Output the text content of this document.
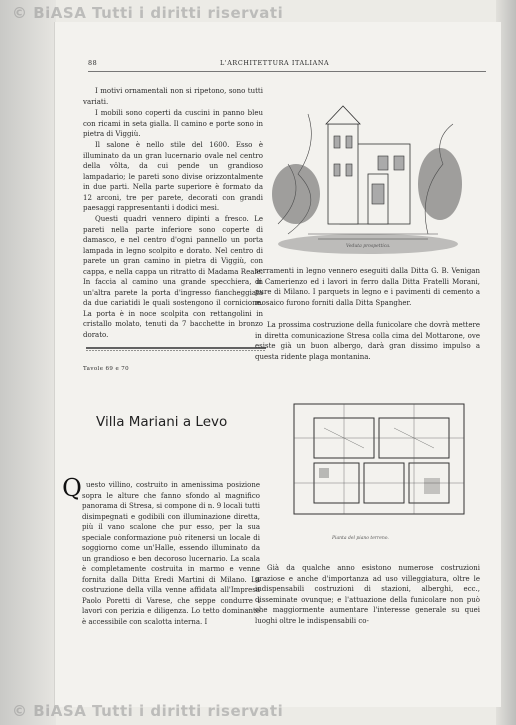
© BiASA Tutti i diritti riservati
© BiASA Tutti i diritti riservati
88	L'ARCHITETTURA ITALIANA

I motivi ornamentali non si ripetono, sono tutti variati.

I mobili sono coperti da cuscini in panno bleu con ricami in seta gialla. Il camino e porte sono in pietra di Viggiù.

Il salone è nello stile del 1600. Esso è illuminato da un gran lucernario ovale nel centro della vôlta, da cui pende un grandioso lampadario; le pareti sono divise orizzontalmente in due parti. Nella parte superiore è formato da 12 arconi, tre per parete, decorati con grandi paesaggi rappresentanti i dodici mesi.

Questi quadri vennero dipinti a fresco. Le pareti nella parte inferiore sono coperte di damasco, e nel centro d'ogni pannello un porta lampada in legno scolpito e dorato. Nel centro di parete un gran camino in pietra di Viggiù, con cappa, e nella cappa un ritratto di Madama Reale. In faccia al camino una grande specchiera, in un'altra parete la porta d'ingresso fiancheggiata da due cariatidi le quali sostengono il cornicione. La porta è in noce scolpita con rettangolini in cristallo molato, tenuti da 7 bacchette in bronzo dorato.

Tavole 69 e 70
Veduta prospettica.

serramenti in legno vennero eseguiti dalla Ditta G. B. Venigan di Camerienzo ed i lavori in ferro dalla Ditta Fratelli Morani, pure di Milano. I parquets in legno e i pavimenti di cemento a mosaico furono forniti dalla Ditta Spangher.

La prossima costruzione della funicolare che dovrà mettere in diretta comunicazione Stresa colla cima del Mottarone, ove esiste già un buon albergo, darà gran dissimo impulso a questa ridente plaga montanina.

Pianta del piano terreno.
Villa Mariani a Levo
Q uesto villino, costruito in amenissima posizione sopra le alture che fanno sfondo al magnifico panorama di Stresa, si compone di n. 9 locali tutti disimpegnati e godibili con illuminazione diretta, più il vano scalone che pur esso, per la sua speciale conformazione può ritenersi un locale di soggiorno come un'Halle, essendo illuminato da un grandioso e ben decoroso lucernario. La scala è completamente costruita in marmo e venne fornita dalla Ditta Eredi Martini di Milano. La costruzione della villa venne affidata all'Impresa Paolo Poretti di Varese, che seppe condurre i lavori con perizia e diligenza. Lo tetto dominante è accessibile con scalotta interna. I

Già da qualche anno esistono numerose costruzioni graziose e anche d'importanza ad uso villeggiatura, oltre le indispensabili costruzioni di stazioni, alberghi, ecc., disseminate ovunque; e l'attuazione della funicolare non può che maggiormente aumentare l'interesse generale su quei luoghi oltre le indispensabili co-
